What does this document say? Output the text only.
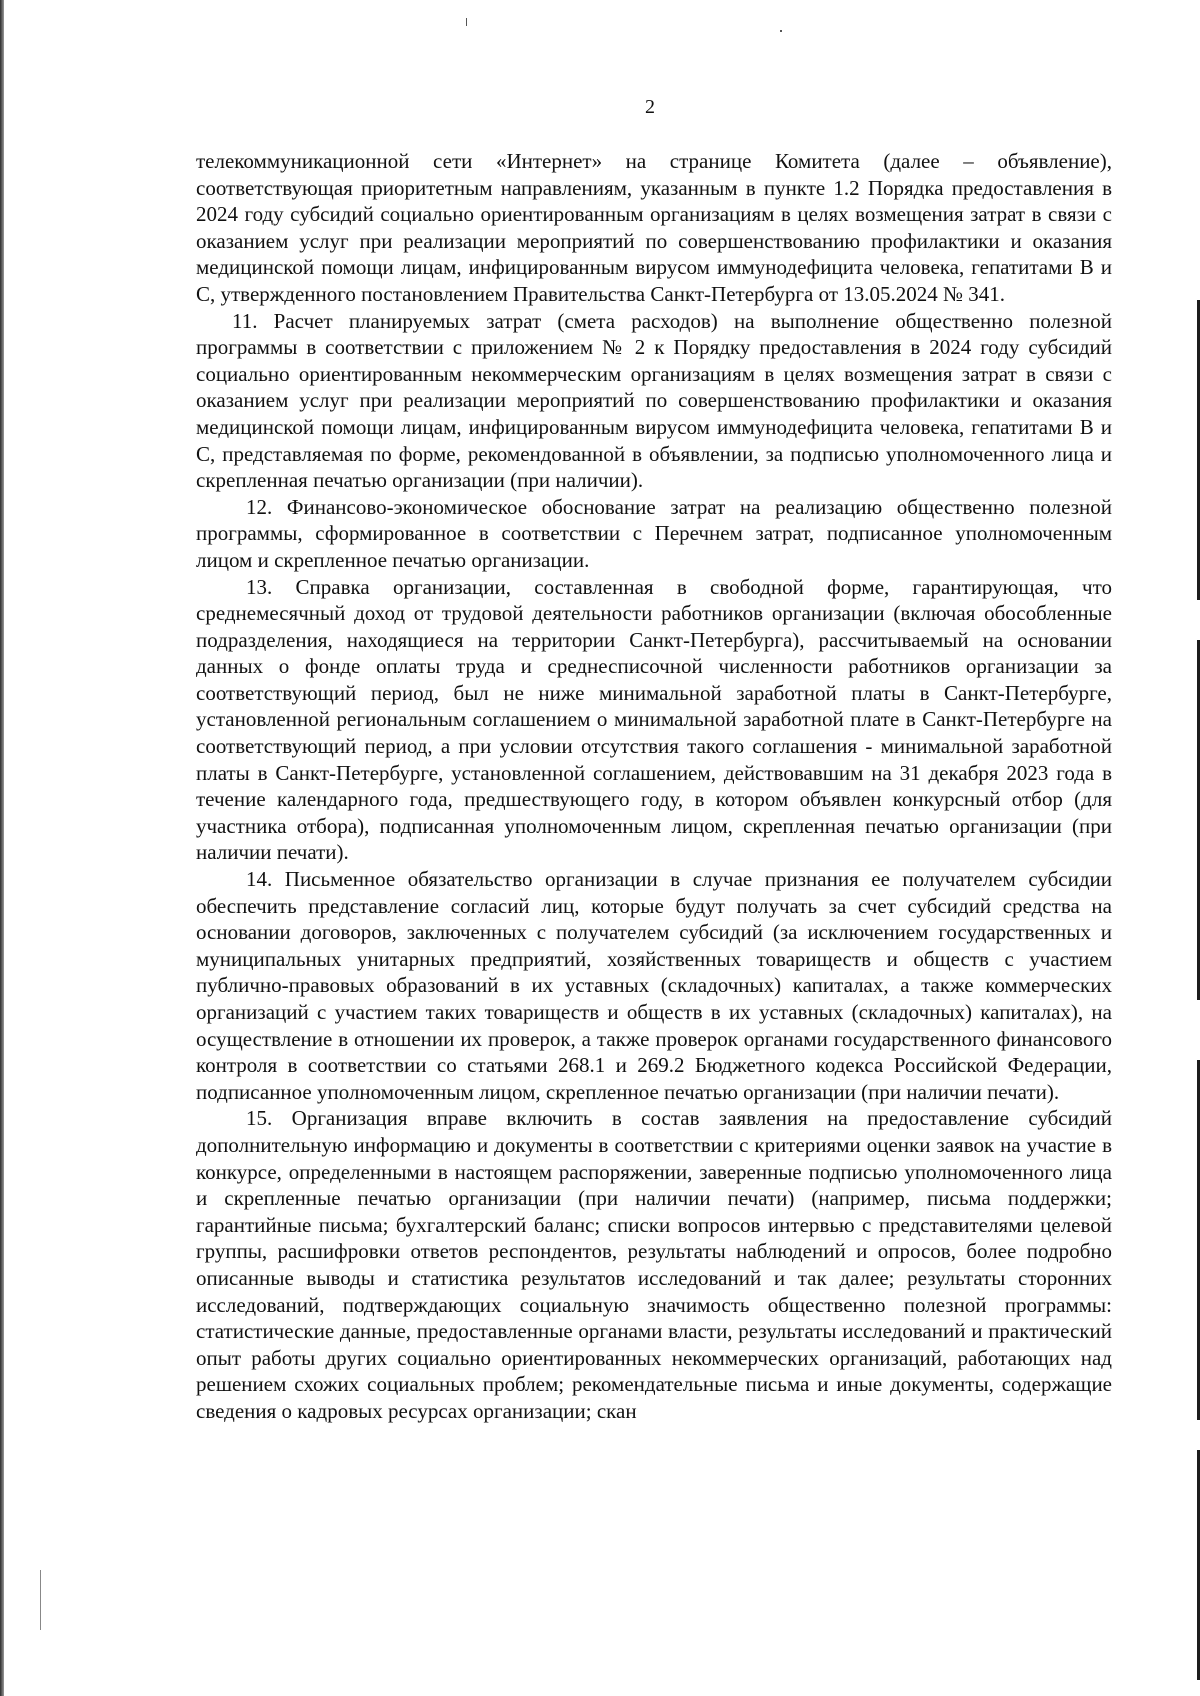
2

телекоммуникационной сети «Интернет» на странице Комитета (далее – объявление), соответствующая приоритетным направлениям, указанным в пункте 1.2 Порядка предоставления в 2024 году субсидий социально ориентированным организациям в целях возмещения затрат в связи с оказанием услуг при реализации мероприятий по совершенствованию профилактики и оказания медицинской помощи лицам, инфицированным вирусом иммунодефицита человека, гепатитами В и С, утвержденного постановлением Правительства Санкт-Петербурга от 13.05.2024 № 341.

11. Расчет планируемых затрат (смета расходов) на выполнение общественно полезной программы в соответствии с приложением № 2 к Порядку предоставления в 2024 году субсидий социально ориентированным некоммерческим организациям в целях возмещения затрат в связи с оказанием услуг при реализации мероприятий по совершенствованию профилактики и оказания медицинской помощи лицам, инфицированным вирусом иммунодефицита человека, гепатитами В и С, представляемая по форме, рекомендованной в объявлении, за подписью уполномоченного лица и скрепленная печатью организации (при наличии).

12. Финансово-экономическое обоснование затрат на реализацию общественно полезной программы, сформированное в соответствии с Перечнем затрат, подписанное уполномоченным лицом и скрепленное печатью организации.

13. Справка организации, составленная в свободной форме, гарантирующая, что среднемесячный доход от трудовой деятельности работников организации (включая обособленные подразделения, находящиеся на территории Санкт-Петербурга), рассчитываемый на основании данных о фонде оплаты труда и среднесписочной численности работников организации за соответствующий период, был не ниже минимальной заработной платы в Санкт-Петербурге, установленной региональным соглашением о минимальной заработной плате в Санкт-Петербурге на соответствующий период, а при условии отсутствия такого соглашения - минимальной заработной платы в Санкт-Петербурге, установленной соглашением, действовавшим на 31 декабря 2023 года в течение календарного года, предшествующего году, в котором объявлен конкурсный отбор (для участника отбора), подписанная уполномоченным лицом, скрепленная печатью организации (при наличии печати).

14. Письменное обязательство организации в случае признания ее получателем субсидии обеспечить представление согласий лиц, которые будут получать за счет субсидий средства на основании договоров, заключенных с получателем субсидий (за исключением государственных и муниципальных унитарных предприятий, хозяйственных товариществ и обществ с участием публично-правовых образований в их уставных (складочных) капиталах, а также коммерческих организаций с участием таких товариществ и обществ в их уставных (складочных) капиталах), на осуществление в отношении их проверок, а также проверок органами государственного финансового контроля в соответствии со статьями 268.1 и 269.2 Бюджетного кодекса Российской Федерации, подписанное уполномоченным лицом, скрепленное печатью организации (при наличии печати).

15. Организация вправе включить в состав заявления на предоставление субсидий дополнительную информацию и документы в соответствии с критериями оценки заявок на участие в конкурсе, определенными в настоящем распоряжении, заверенные подписью уполномоченного лица и скрепленные печатью организации (при наличии печати) (например, письма поддержки; гарантийные письма; бухгалтерский баланс; списки вопросов интервью с представителями целевой группы, расшифровки ответов респондентов, результаты наблюдений и опросов, более подробно описанные выводы и статистика результатов исследований и так далее; результаты сторонних исследований, подтверждающих социальную значимость общественно полезной программы: статистические данные, предоставленные органами власти, результаты исследований и практический опыт работы других социально ориентированных некоммерческих организаций, работающих над решением схожих социальных проблем; рекомендательные письма и иные документы, содержащие сведения о кадровых ресурсах организации; скан
